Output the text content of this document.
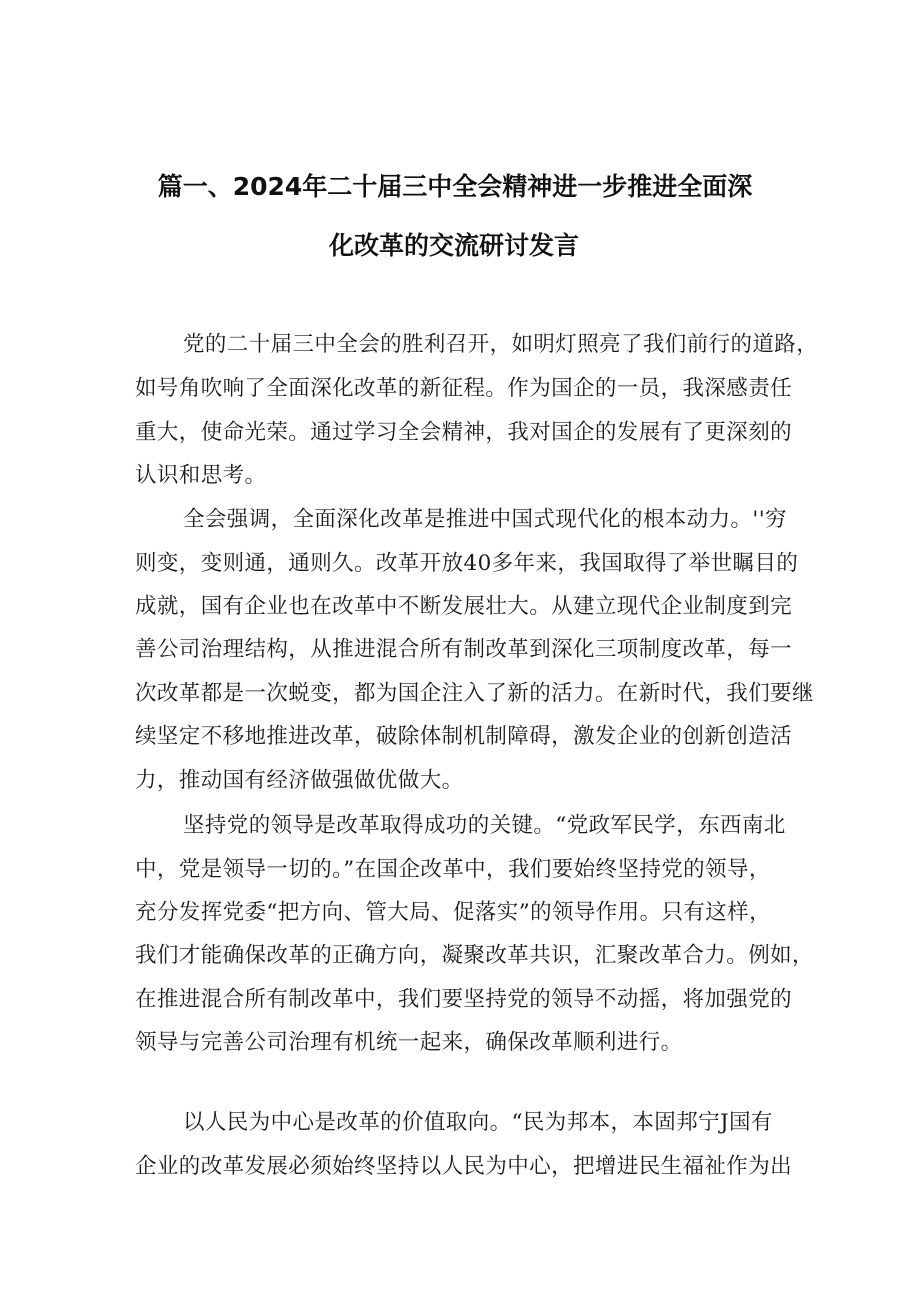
篇一、2024年二十届三中全会精神进一步推进全面深
化改革的交流研讨发言
党的二十届三中全会的胜利召开，如明灯照亮了我们前行的道路，
如号角吹响了全面深化改革的新征程。作为国企的一员，我深感责任
重大，使命光荣。通过学习全会精神，我对国企的发展有了更深刻的
认识和思考。
全会强调，全面深化改革是推进中国式现代化的根本动力。''穷
则变，变则通，通则久。改革开放40多年来，我国取得了举世瞩目的
成就，国有企业也在改革中不断发展壮大。从建立现代企业制度到完
善公司治理结构，从推进混合所有制改革到深化三项制度改革，每一
次改革都是一次蜕变，都为国企注入了新的活力。在新时代，我们要继
续坚定不移地推进改革，破除体制机制障碍，激发企业的创新创造活
力，推动国有经济做强做优做大。
坚持党的领导是改革取得成功的关键。“党政军民学，东西南北
中，党是领导一切的。”在国企改革中，我们要始终坚持党的领导，
充分发挥党委“把方向、管大局、促落实”的领导作用。只有这样，
我们才能确保改革的正确方向，凝聚改革共识，汇聚改革合力。例如，
在推进混合所有制改革中，我们要坚持党的领导不动摇，将加强党的
领导与完善公司治理有机统一起来，确保改革顺利进行。
以人民为中心是改革的价值取向。“民为邦本，本固邦宁J国有
企业的改革发展必须始终坚持以人民为中心，把增进民生福祉作为出
